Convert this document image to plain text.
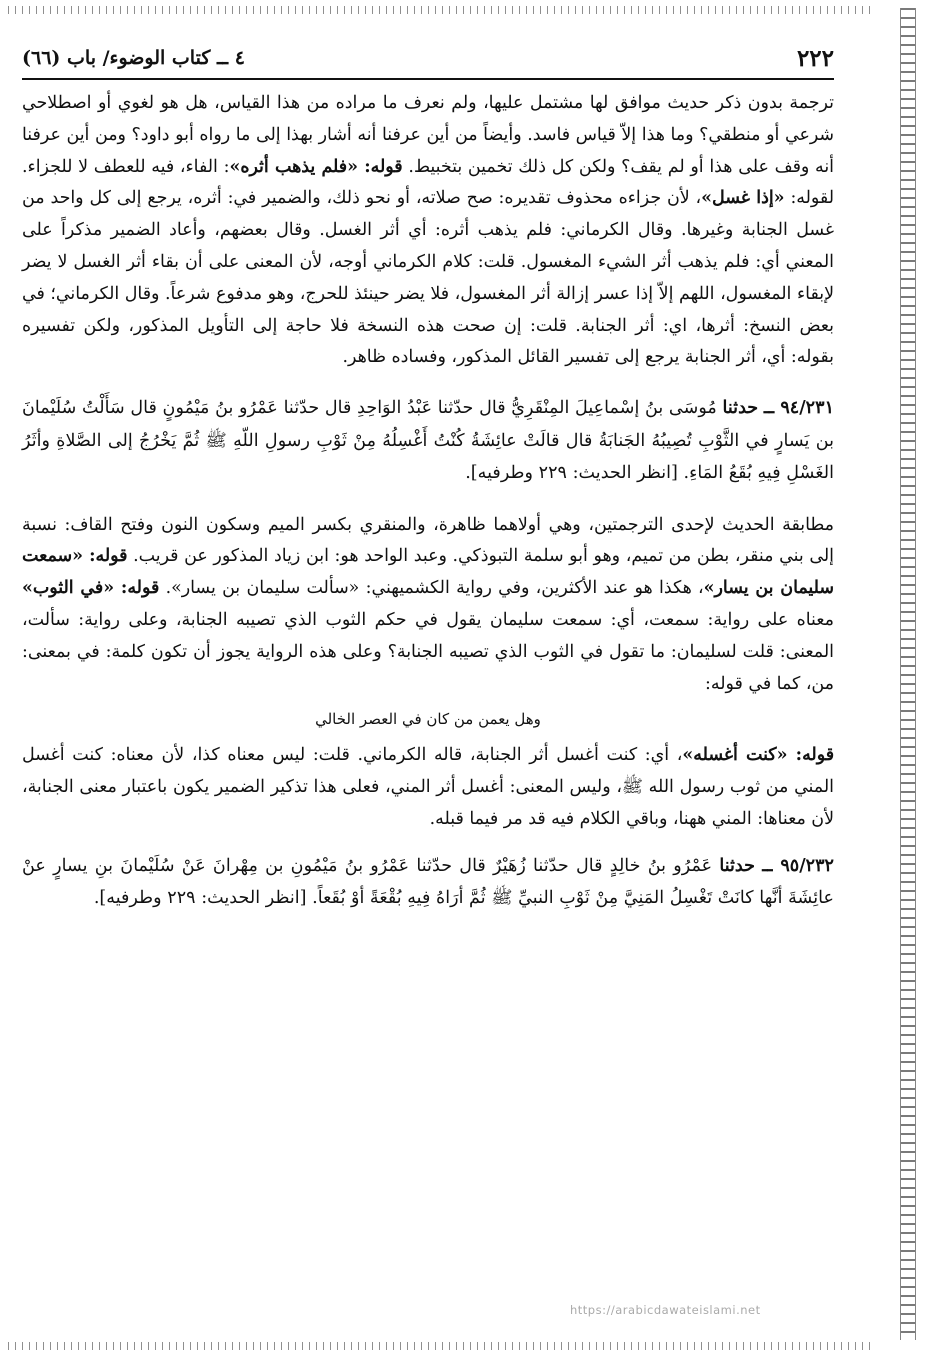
٢٢٢
٤ ــ كتاب الوضوء/ باب (٦٦)

ترجمة بدون ذكر حديث موافق لها مشتمل عليها، ولم نعرف ما مراده من هذا القياس، هل هو لغوي أو اصطلاحي شرعي أو منطقي؟ وما هذا إلاّ قياس فاسد. وأيضاً من أين عرفنا أنه أشار بهذا إلى ما رواه أبو داود؟ ومن أين عرفنا أنه وقف على هذا أو لم يقف؟ ولكن كل ذلك تخمين بتخبيط. قوله: «فلم يذهب أثره»: الفاء، فيه للعطف لا للجزاء. لقوله: «إذا غسل»، لأن جزاءه محذوف تقديره: صح صلاته، أو نحو ذلك، والضمير في: أثره، يرجع إلى كل واحد من غسل الجنابة وغيرها. وقال الكرماني: فلم يذهب أثره: أي أثر الغسل. وقال بعضهم، وأعاد الضمير مذكراً على المعني أي: فلم يذهب أثر الشيء المغسول. قلت: كلام الكرماني أوجه، لأن المعنى على أن بقاء أثر الغسل لا يضر لإبقاء المغسول، اللهم إلاّ إذا عسر إزالة أثر المغسول، فلا يضر حينئذ للحرج، وهو مدفوع شرعاً. وقال الكرماني؛ في بعض النسخ: أثرها، اي: أثر الجنابة. قلت: إن صحت هذه النسخة فلا حاجة إلى التأويل المذكور، ولكن تفسيره بقوله: أي، أثر الجنابة يرجع إلى تفسير القائل المذكور، وفساده ظاهر.

٩٤/٢٣١ ــ حدثنا مُوسَى بنُ إسْماعِيلَ المِنْقَرِيُّ قال حدّثنا عَبْدُ الوَاحِدِ قال حدّثنا عَمْرُو بنُ مَيْمُونٍ قال سَأَلْتُ سُلَيْمانَ بن يَسارٍ في الثَّوْبِ تُصِيبُهُ الجَنابَةُ قال قالَتْ عائِشَةُ كُنْتُ أَغْسِلُهُ مِنْ ثَوْبِ رسولِ اللّهِ ﷺ ثُمَّ يَخْرُجُ إلى الصَّلاةِ وأثَرُ الغَسْلِ فِيهِ بُقَعُ المَاءِ. [انظر الحديث: ٢٢٩ وطرفيه].

مطابقة الحديث لإحدى الترجمتين، وهي أولاهما ظاهرة، والمنقري بكسر الميم وسكون النون وفتح القاف: نسبة إلى بني منقر، بطن من تميم، وهو أبو سلمة التبوذكي. وعبد الواحد هو: ابن زياد المذكور عن قريب. قوله: «سمعت سليمان بن يسار»، هكذا هو عند الأكثرين، وفي رواية الكشميهني: «سألت سليمان بن يسار». قوله: «في الثوب» معناه على رواية: سمعت، أي: سمعت سليمان يقول في حكم الثوب الذي تصيبه الجنابة، وعلى رواية: سألت، المعنى: قلت لسليمان: ما تقول في الثوب الذي تصيبه الجنابة؟ وعلى هذه الرواية يجوز أن تكون كلمة: في بمعنى: من، كما في قوله:

وهل يعمن من كان في العصر الخالي

قوله: «كنت أغسله»، أي: كنت أغسل أثر الجنابة، قاله الكرماني. قلت: ليس معناه كذا، لأن معناه: كنت أغسل المني من ثوب رسول الله ﷺ، وليس المعنى: أغسل أثر المني، فعلى هذا تذكير الضمير يكون باعتبار معنى الجنابة، لأن معناها: المني ههنا، وباقي الكلام فيه قد مر فيما قبله.

٩٥/٢٣٢ ــ حدثنا عَمْرُو بنُ خالِدٍ قال حدّثنا زُهَيْرٌ قال حدّثنا عَمْرُو بنُ مَيْمُونِ بن مِهْرانَ عَنْ سُلَيْمانَ بنِ يسارٍ عنْ عائِشَةَ أنَّها كانَتْ تَغْسِلُ المَنِيَّ مِنْ ثَوْبِ النبيِّ ﷺ ثُمَّ أرَاهُ فِيهِ بُقْعَةً أوْ بُقَعاً. [انظر الحديث: ٢٢٩ وطرفيه].

https://arabicdawateislami.net
